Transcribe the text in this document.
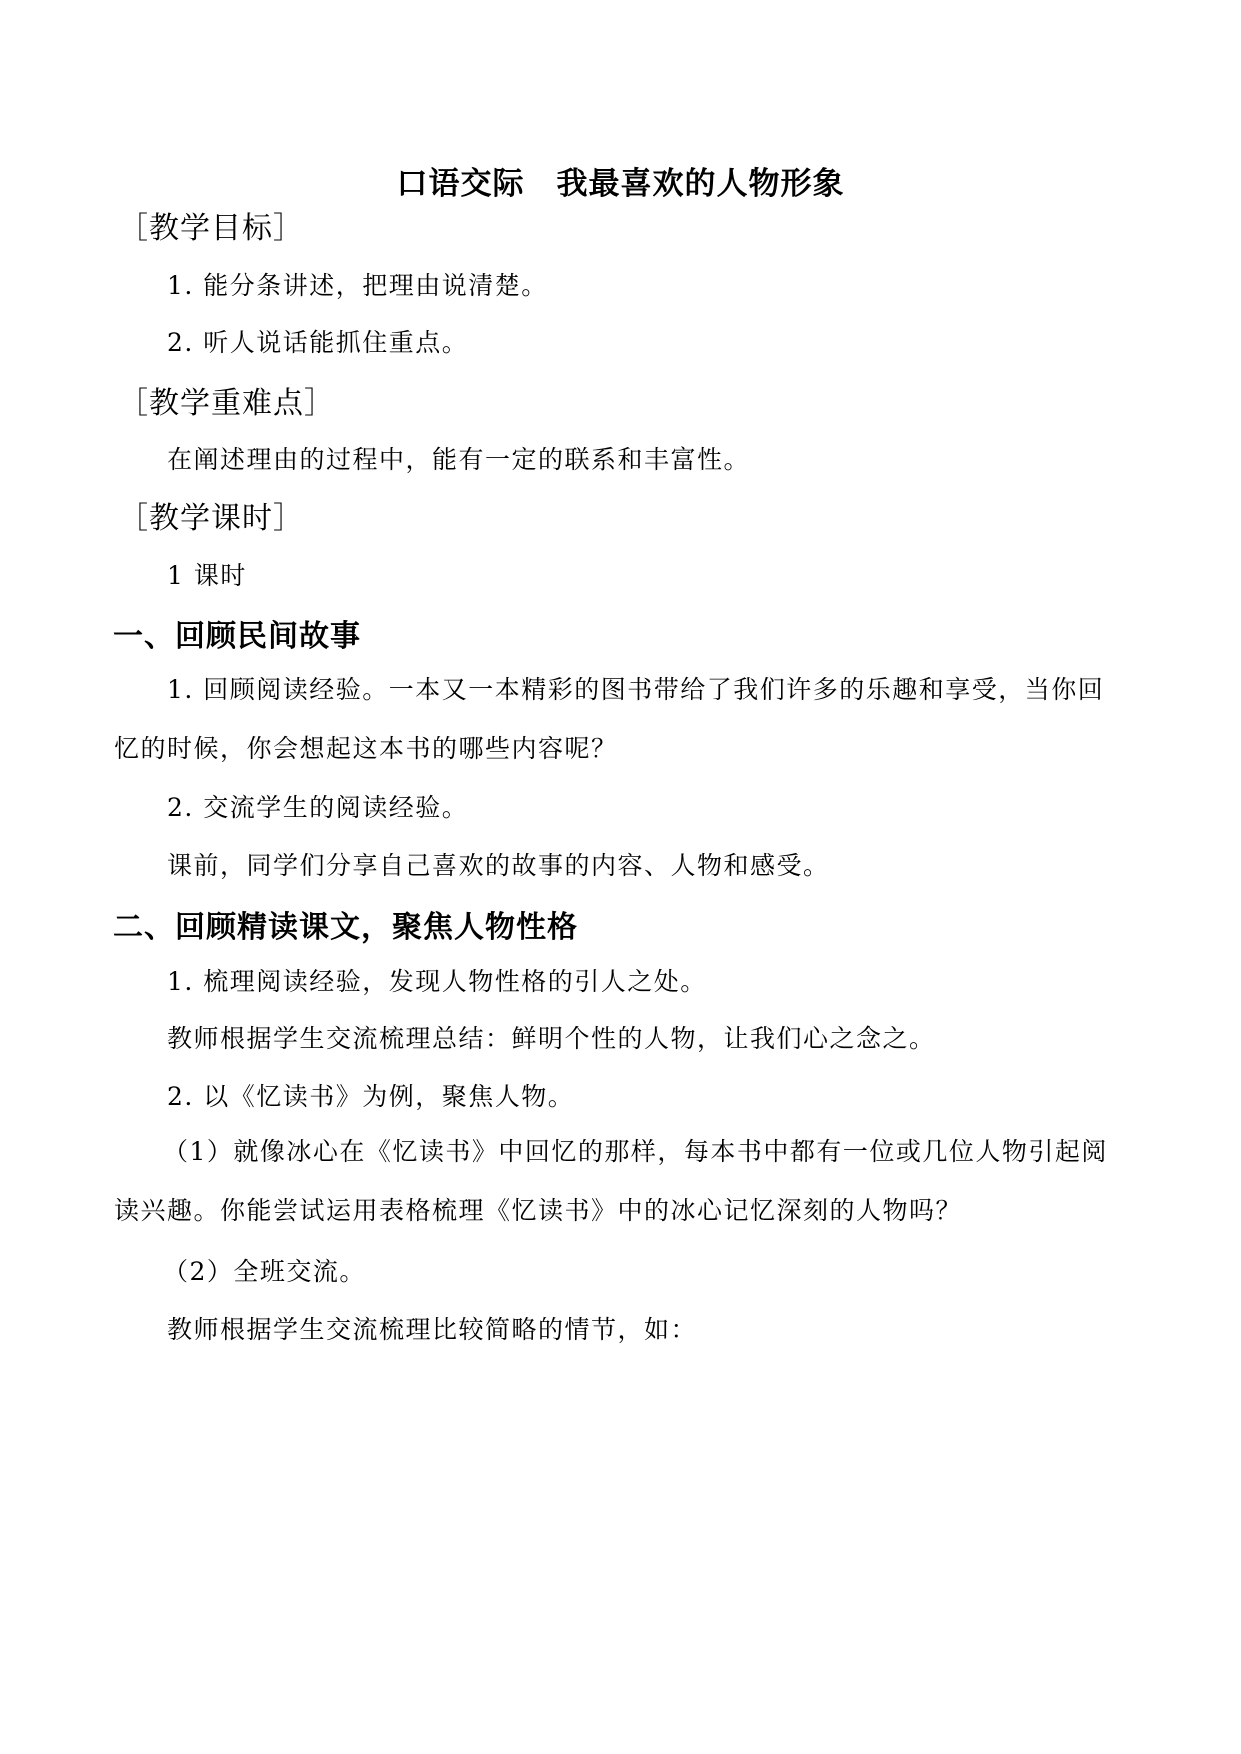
口语交际　我最喜欢的人物形象
［教学目标］
1. 能分条讲述，把理由说清楚。
2. 听人说话能抓住重点。
［教学重难点］
在阐述理由的过程中，能有一定的联系和丰富性。
［教学课时］
1 课时
一、回顾民间故事
1. 回顾阅读经验。一本又一本精彩的图书带给了我们许多的乐趣和享受，当你回忆的时候，你会想起这本书的哪些内容呢？
2. 交流学生的阅读经验。
课前，同学们分享自己喜欢的故事的内容、人物和感受。
二、回顾精读课文，聚焦人物性格
1. 梳理阅读经验，发现人物性格的引人之处。
教师根据学生交流梳理总结：鲜明个性的人物，让我们心之念之。
2. 以《忆读书》为例，聚焦人物。
（1）就像冰心在《忆读书》中回忆的那样，每本书中都有一位或几位人物引起阅读兴趣。你能尝试运用表格梳理《忆读书》中的冰心记忆深刻的人物吗？
（2）全班交流。
教师根据学生交流梳理比较简略的情节，如：
